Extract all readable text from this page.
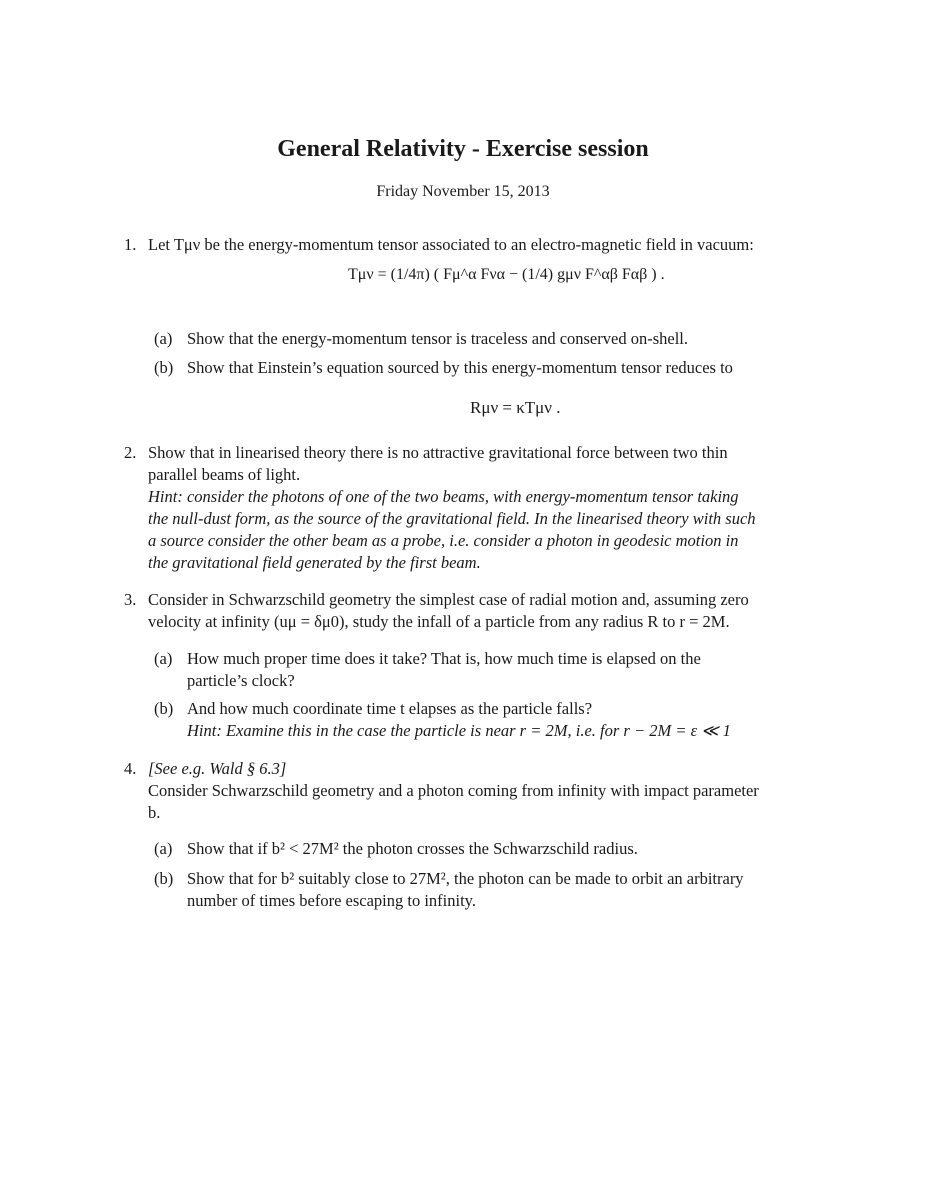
General Relativity - Exercise session
Friday November 15, 2013
1. Let Tμν be the energy-momentum tensor associated to an electro-magnetic field in vacuum:
Tμν = (1/4π) ( Fμ^α Fνα − (1/4) gμν F^αβ Fαβ ) .
(a) Show that the energy-momentum tensor is traceless and conserved on-shell.
(b) Show that Einstein’s equation sourced by this energy-momentum tensor reduces to
Rμν = κTμν .
2. Show that in linearised theory there is no attractive gravitational force between two thin
parallel beams of light.
Hint: consider the photons of one of the two beams, with energy-momentum tensor taking
the null-dust form, as the source of the gravitational field. In the linearised theory with such
a source consider the other beam as a probe, i.e. consider a photon in geodesic motion in
the gravitational field generated by the first beam.
3. Consider in Schwarzschild geometry the simplest case of radial motion and, assuming zero
velocity at infinity (uμ = δμ0), study the infall of a particle from any radius R to r = 2M.
(a) How much proper time does it take? That is, how much time is elapsed on the
particle’s clock?
(b) And how much coordinate time t elapses as the particle falls?
Hint: Examine this in the case the particle is near r = 2M, i.e. for r − 2M = ε ≪ 1
4. [See e.g. Wald § 6.3]
Consider Schwarzschild geometry and a photon coming from infinity with impact parameter
b.
(a) Show that if b² < 27M² the photon crosses the Schwarzschild radius.
(b) Show that for b² suitably close to 27M², the photon can be made to orbit an arbitrary
number of times before escaping to infinity.
